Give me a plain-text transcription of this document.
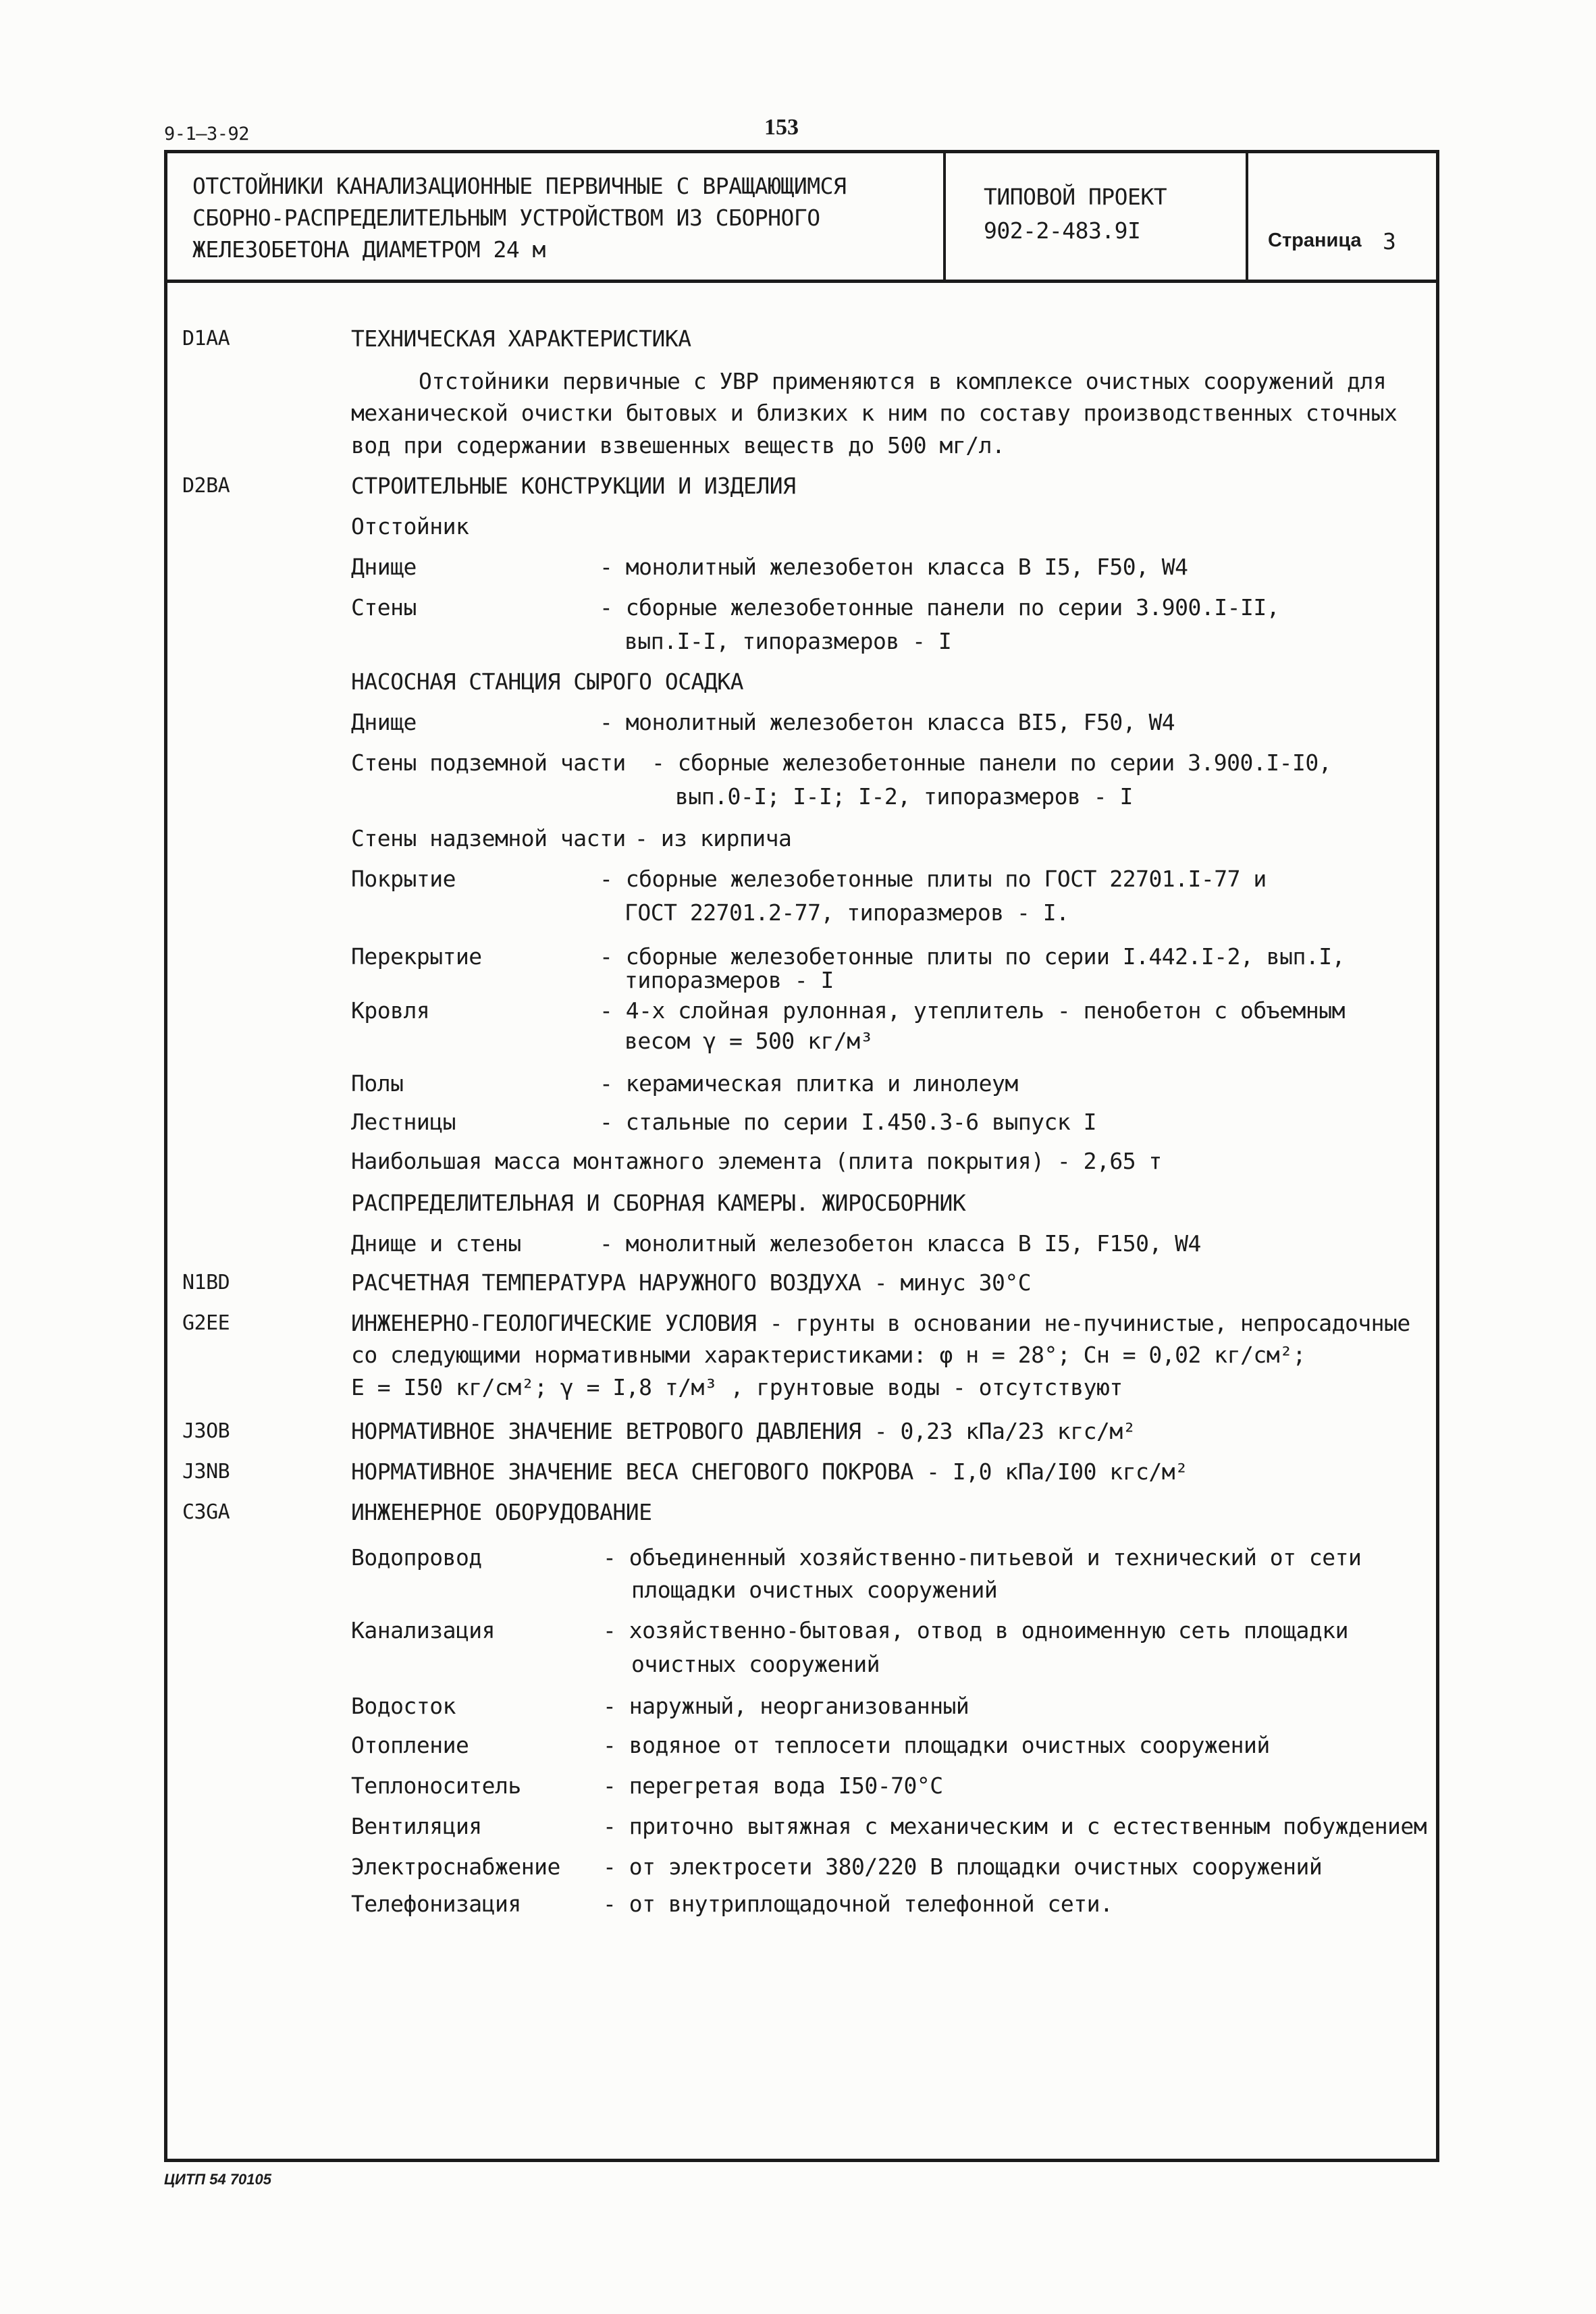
9-1—3-92	153
ОТСТОЙНИКИ КАНАЛИЗАЦИОННЫЕ ПЕРВИЧНЫЕ С ВРАЩАЮЩИМСЯ
СБОРНО-РАСПРЕДЕЛИТЕЛЬНЫМ УСТРОЙСТВОМ ИЗ СБОРНОГО
ЖЕЛЕЗОБЕТОНА ДИАМЕТРОМ 24 м
ТИПОВОЙ ПРОЕКТ
902-2-483.9I	Страница 3
D1AA	ТЕХНИЧЕСКАЯ ХАРАКТЕРИСТИКА
Отстойники первичные с УВР применяются в комплексе очистных сооружений для
механической очистки бытовых и близких к ним по составу производственных сточных
вод при содержании взвешенных веществ до 500 мг/л.
D2BA	СТРОИТЕЛЬНЫЕ КОНСТРУКЦИИ И ИЗДЕЛИЯ
Отстойник
Днище	- монолитный железобетон класса В I5, F50, W4
Стены	- сборные железобетонные панели по серии 3.900.I-II,
вып.I-I, типоразмеров - I
НАСОСНАЯ СТАНЦИЯ СЫРОГО ОСАДКА
Днище	- монолитный железобетон класса ВI5, F50, W4
Стены подземной части - сборные железобетонные панели по серии 3.900.I-I0,
вып.0-I; I-I; I-2, типоразмеров - I
Стены надземной части - из кирпича
Покрытие	- сборные железобетонные плиты по ГОСТ 22701.I-77 и
ГОСТ 22701.2-77, типоразмеров - I.
Перекрытие	- сборные железобетонные плиты по серии I.442.I-2, вып.I,
типоразмеров - I
Кровля	- 4-х слойная рулонная, утеплитель - пенобетон с объемным
весом γ = 500 кг/м³
Полы	- керамическая плитка и линолеум
Лестницы	- стальные по серии I.450.3-6 выпуск I
Наибольшая масса монтажного элемента (плита покрытия) - 2,65 т
РАСПРЕДЕЛИТЕЛЬНАЯ И СБОРНАЯ КАМЕРЫ. ЖИРОСБОРНИК
Днище и стены	- монолитный железобетон класса В I5, F150, W4
N1BD	РАСЧЕТНАЯ ТЕМПЕРАТУРА НАРУЖНОГО ВОЗДУХА - минус 30°С
G2EE	ИНЖЕНЕРНО-ГЕОЛОГИЧЕСКИЕ УСЛОВИЯ - грунты в основании не-пучинистые, непросадочные
со следующими нормативными характеристиками: φ н = 28°; Сн = 0,02 кг/см²;
Е = I50 кг/см²; γ = I,8 т/м³ , грунтовые воды - отсутствуют
J3OB	НОРМАТИВНОЕ ЗНАЧЕНИЕ ВЕТРОВОГО ДАВЛЕНИЯ - 0,23 кПа/23 кгс/м²
J3NB	НОРМАТИВНОЕ ЗНАЧЕНИЕ ВЕСА СНЕГОВОГО ПОКРОВА - I,0 кПа/I00 кгс/м²
C3GA	ИНЖЕНЕРНОЕ ОБОРУДОВАНИЕ
Водопровод	- объединенный хозяйственно-питьевой и технический от сети
площадки очистных сооружений
Канализация	- хозяйственно-бытовая, отвод в одноименную сеть площадки
очистных сооружений
Водосток	- наружный, неорганизованный
Отопление	- водяное от теплосети площадки очистных сооружений
Теплоноситель	- перегретая вода I50-70°С
Вентиляция	- приточно вытяжная с механическим и с естественным побуждением
Электроснабжение - от электросети 380/220 В площадки очистных сооружений
Телефонизация	- от внутриплощадочной телефонной сети.
ЦИТП 54 70105
